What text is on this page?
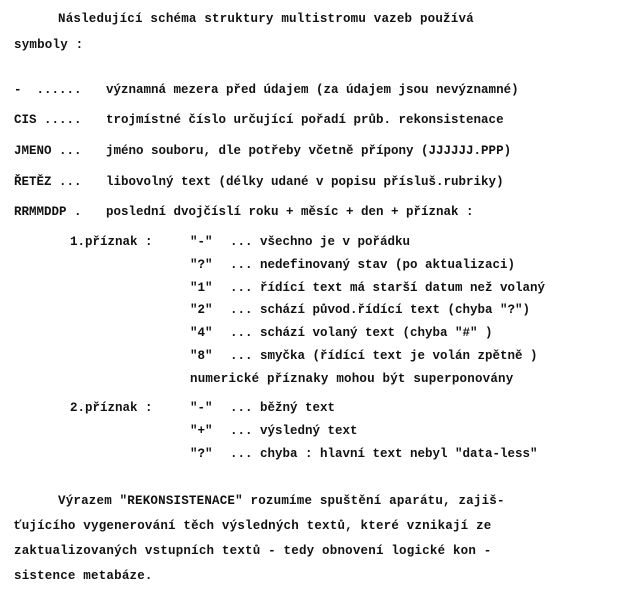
Následující schéma struktury multistromu vazeb používá
symboly :
-  ...... významná mezera před údajem (za údajem jsou nevýznamné)
CIS ..... trojmístné číslo určující pořadí průb. rekonsistenace
JMENO ... jméno souboru, dle potřeby včetně přípony (JJJJJJ.PPP)
ŘETĚZ ... libovolný text (délky udané v popisu přísluš.rubriky)
RRMMDDP . poslední dvojčíslí roku + měsíc + den + příznak :
1.příznak :	"-" ... všechno je v pořádku
"?" ... nedefinovaný stav (po aktualizaci)
"1" ... řídící text má starší datum než volaný
"2" ... schází původ.řídící text (chyba "?")
"4" ... schází volaný text (chyba "#" )
"8" ... smyčka (řídící text je volán zpětně )
numerické příznaky mohou být superponovány
2.příznak :	"-" ... běžný text
"+" ... výsledný text
"?" ... chyba : hlavní text nebyl "data-less"
Výrazem "REKONSISTENACE" rozumíme spuštění aparátu, zajiš-
ťujícího vygenerování těch výsledných textů, které vznikají ze
zaktualizovaných vstupních textů - tedy obnovení logické kon -
sistence metabáze.
